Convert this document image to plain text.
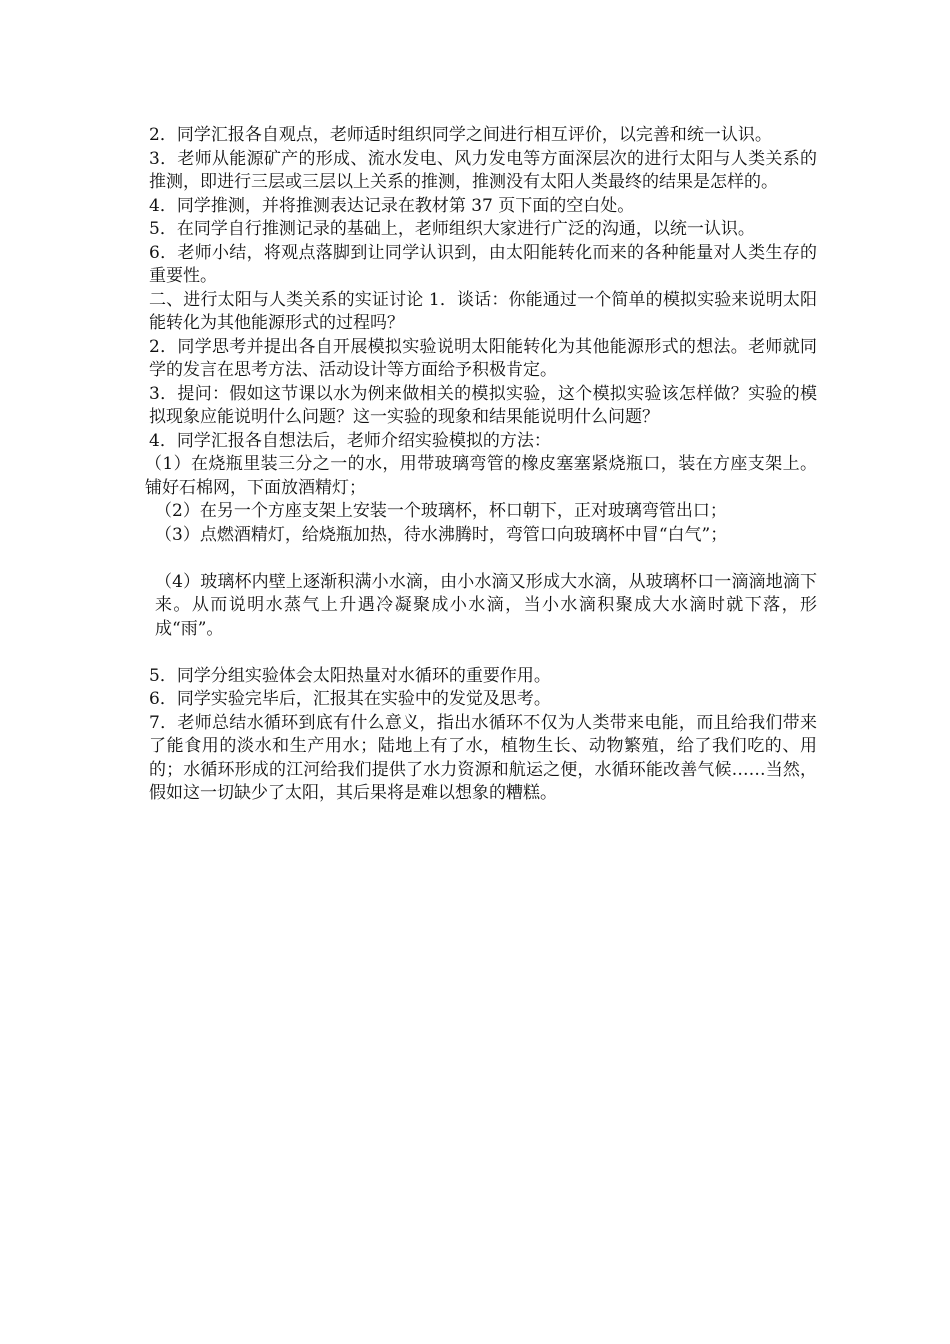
2．同学汇报各自观点，老师适时组织同学之间进行相互评价，以完善和统一认识。

3．老师从能源矿产的形成、流水发电、风力发电等方面深层次的进行太阳与人类关系的推测，即进行三层或三层以上关系的推测，推测没有太阳人类最终的结果是怎样的。

4．同学推测，并将推测表达记录在教材第 37 页下面的空白处。

5．在同学自行推测记录的基础上，老师组织大家进行广泛的沟通，以统一认识。

6．老师小结，将观点落脚到让同学认识到，由太阳能转化而来的各种能量对人类生存的重要性。

二、进行太阳与人类关系的实证讨论 1．谈话：你能通过一个简单的模拟实验来说明太阳能转化为其他能源形式的过程吗？

2．同学思考并提出各自开展模拟实验说明太阳能转化为其他能源形式的想法。老师就同学的发言在思考方法、活动设计等方面给予积极肯定。

3．提问：假如这节课以水为例来做相关的模拟实验，这个模拟实验该怎样做？实验的模拟现象应能说明什么问题？这一实验的现象和结果能说明什么问题？

4．同学汇报各自想法后，老师介绍实验模拟的方法：

（1）在烧瓶里装三分之一的水，用带玻璃弯管的橡皮塞塞紧烧瓶口，装在方座支架上。铺好石棉网，下面放酒精灯；

（2）在另一个方座支架上安装一个玻璃杯，杯口朝下，正对玻璃弯管出口；

（3）点燃酒精灯，给烧瓶加热，待水沸腾时，弯管口向玻璃杯中冒“白气”；

（4）玻璃杯内壁上逐渐积满小水滴，由小水滴又形成大水滴，从玻璃杯口一滴滴地滴下来。从而说明水蒸气上升遇冷凝聚成小水滴，当小水滴积聚成大水滴时就下落，形成“雨”。

5．同学分组实验体会太阳热量对水循环的重要作用。

6．同学实验完毕后，汇报其在实验中的发觉及思考。

7．老师总结水循环到底有什么意义，指出水循环不仅为人类带来电能，而且给我们带来了能食用的淡水和生产用水；陆地上有了水，植物生长、动物繁殖，给了我们吃的、用的；水循环形成的江河给我们提供了水力资源和航运之便，水循环能改善气候……当然，假如这一切缺少了太阳，其后果将是难以想象的糟糕。
